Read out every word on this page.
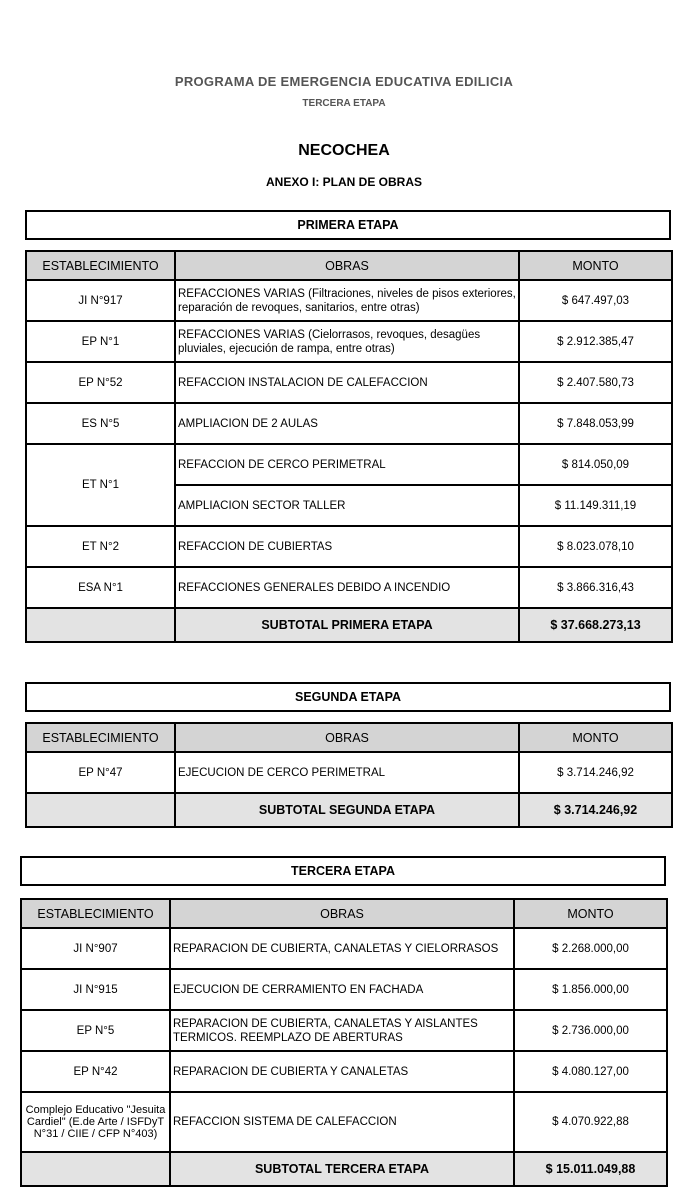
PROGRAMA DE EMERGENCIA EDUCATIVA EDILICIA
TERCERA ETAPA
NECOCHEA
ANEXO I: PLAN DE OBRAS
PRIMERA ETAPA
ESTABLECIMIENTO	OBRAS	MONTO
JI N°917	REFACCIONES VARIAS (Filtraciones, niveles de pisos exteriores, reparación de revoques, sanitarios, entre otras)	$ 647.497,03
EP N°1	REFACCIONES VARIAS (Cielorrasos, revoques, desagües pluviales, ejecución de rampa, entre otras)	$ 2.912.385,47
EP N°52	REFACCION INSTALACION DE CALEFACCION	$ 2.407.580,73
ES N°5	AMPLIACION DE 2 AULAS	$ 7.848.053,99
ET N°1	REFACCION DE CERCO PERIMETRAL	$ 814.050,09
	AMPLIACION SECTOR TALLER	$ 11.149.311,19
ET N°2	REFACCION DE CUBIERTAS	$ 8.023.078,10
ESA N°1	REFACCIONES GENERALES DEBIDO A INCENDIO	$ 3.866.316,43
	SUBTOTAL PRIMERA ETAPA	$ 37.668.273,13
SEGUNDA ETAPA
ESTABLECIMIENTO	OBRAS	MONTO
EP N°47	EJECUCION DE CERCO PERIMETRAL	$ 3.714.246,92
	SUBTOTAL SEGUNDA ETAPA	$ 3.714.246,92
TERCERA ETAPA
ESTABLECIMIENTO	OBRAS	MONTO
JI N°907	REPARACION DE CUBIERTA, CANALETAS Y CIELORRASOS	$ 2.268.000,00
JI N°915	EJECUCION DE CERRAMIENTO EN FACHADA	$ 1.856.000,00
EP N°5	REPARACION DE CUBIERTA, CANALETAS Y AISLANTES TERMICOS. REEMPLAZO DE ABERTURAS	$ 2.736.000,00
EP N°42	REPARACION DE CUBIERTA Y CANALETAS	$ 4.080.127,00
Complejo Educativo "Jesuita Cardiel" (E.de Arte / ISFDyT N°31 / CIIE / CFP N°403)	REFACCION SISTEMA DE CALEFACCION	$ 4.070.922,88
	SUBTOTAL TERCERA ETAPA	$ 15.011.049,88
